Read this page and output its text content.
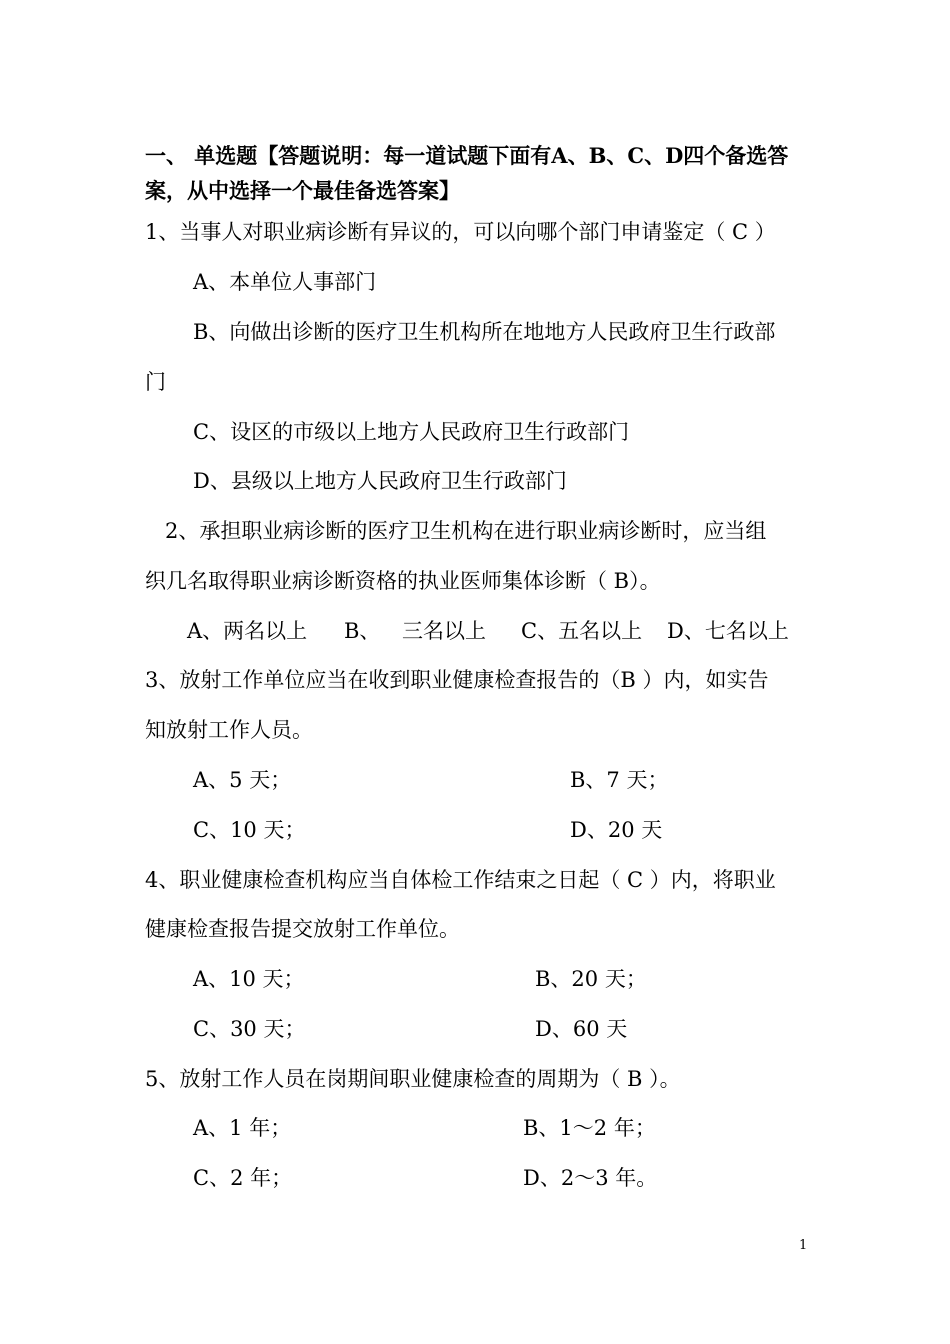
一、 单选题【答题说明：每一道试题下面有A、B、C、D四个备选答
案，从中选择一个最佳备选答案】
1、当事人对职业病诊断有异议的，可以向哪个部门申请鉴定（ C ）
A、本单位人事部门
B、向做出诊断的医疗卫生机构所在地地方人民政府卫生行政部
门
C、设区的市级以上地方人民政府卫生行政部门
D、县级以上地方人民政府卫生行政部门
2、承担职业病诊断的医疗卫生机构在进行职业病诊断时，应当组
织几名取得职业病诊断资格的执业医师集体诊断（ B）。
A、两名以上 B、 三名以上 C、五名以上 D、七名以上
3、放射工作单位应当在收到职业健康检查报告的（B ）内，如实告
知放射工作人员。
A、5 天；	B、7 天；
C、10 天；	D、20 天
4、职业健康检查机构应当自体检工作结束之日起（ C ）内，将职业
健康检查报告提交放射工作单位。
A、10 天；	B、20 天；
C、30 天；	D、60 天
5、放射工作人员在岗期间职业健康检查的周期为（ B ）。
A、1 年；	B、1～2 年；
C、2 年；	D、2～3 年。
1
